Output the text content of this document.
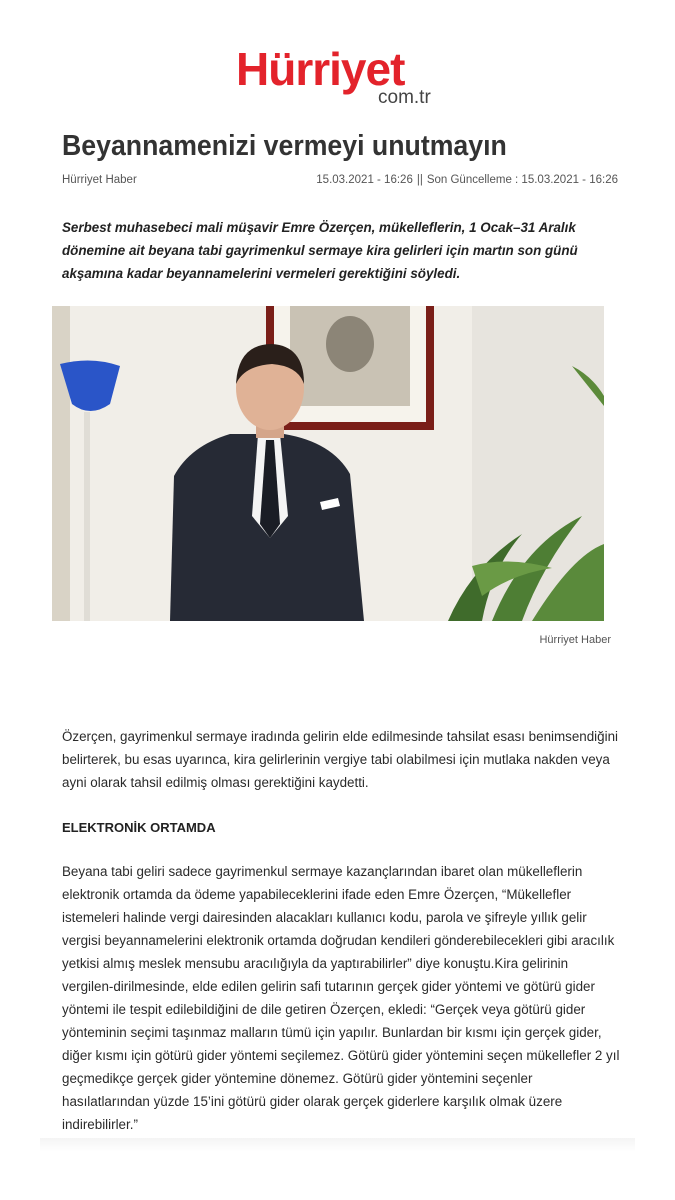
Hürriyet
com.tr
Beyannamenizi vermeyi unutmayın
Hürriyet Haber	15.03.2021 - 16:26 || Son Güncelleme : 15.03.2021 - 16:26

Serbest muhasebeci mali müşavir Emre Özerçen, mükelleflerin, 1 Ocak–31 Aralık dönemine ait beyana tabi gayrimenkul sermaye kira gelirleri için martın son günü akşamına kadar beyannamelerini vermeleri gerektiğini söyledi.

Hürriyet Haber

Özerçen, gayrimenkul sermaye iradında gelirin elde edilmesinde tahsilat esası benimsendiğini belirterek, bu esas uyarınca, kira gelirlerinin vergiye tabi olabilmesi için mutlaka nakden veya ayni olarak tahsil edilmiş olması gerektiğini kaydetti.

ELEKTRONİK ORTAMDA

Beyana tabi geliri sadece gayrimenkul sermaye kazançlarından ibaret olan mükelleflerin elektronik ortamda da ödeme yapabileceklerini ifade eden Emre Özerçen, “Mükellefler istemeleri halinde vergi dairesinden alacakları kullanıcı kodu, parola ve şifreyle yıllık gelir vergisi beyannamelerini elektronik ortamda doğrudan kendileri gönderebilecekleri gibi aracılık yetkisi almış meslek mensubu aracılığıyla da yaptırabilirler” diye konuştu.Kira gelirinin vergilen-dirilmesinde, elde edilen gelirin safi tutarının gerçek gider yöntemi ve götürü gider yöntemi ile tespit edilebildiğini de dile getiren Özerçen, ekledi: “Gerçek veya götürü gider yönteminin seçimi taşınmaz malların tümü için yapılır. Bunlardan bir kısmı için gerçek gider, diğer kısmı için götürü gider yöntemi seçilemez. Götürü gider yöntemini seçen mükellefler 2 yıl geçmedikçe gerçek gider yöntemine dönemez. Götürü gider yöntemini seçenler hasılatlarından yüzde 15’ini götürü gider olarak gerçek giderlere karşılık olmak üzere indirebilirler.”
